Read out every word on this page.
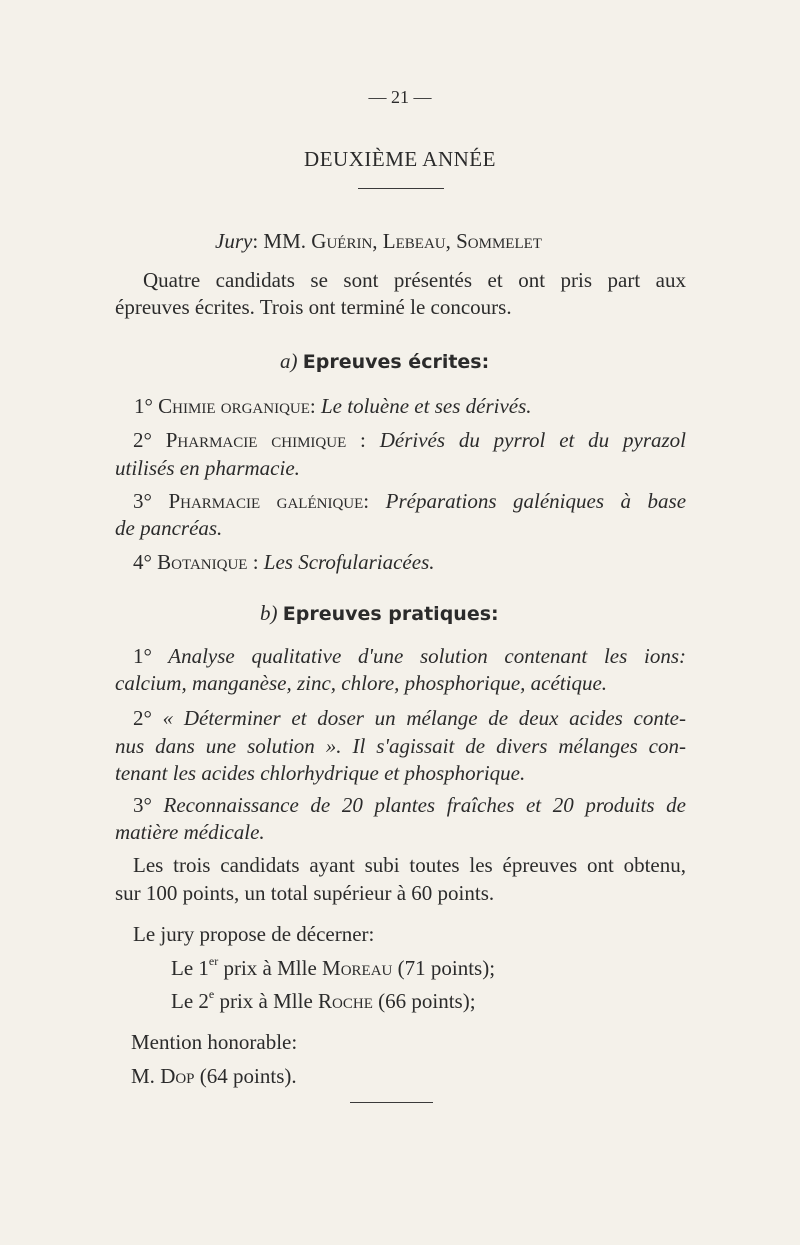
— 21 —
DEUXIÈME ANNÉE
Jury: MM. Guérin, Lebeau, Sommelet
Quatre candidats se sont présentés et ont pris part aux
épreuves écrites. Trois ont terminé le concours.
a) Epreuves écrites:
1° Chimie organique: Le toluène et ses dérivés.
2° Pharmacie chimique : Dérivés du pyrrol et du pyrazol
utilisés en pharmacie.
3° Pharmacie galénique: Préparations galéniques à base
de pancréas.
4° Botanique : Les Scrofulariacées.
b) Epreuves pratiques:
1° Analyse qualitative d'une solution contenant les ions:
calcium, manganèse, zinc, chlore, phosphorique, acétique.
2° « Déterminer et doser un mélange de deux acides conte-
nus dans une solution ». Il s'agissait de divers mélanges con-
tenant les acides chlorhydrique et phosphorique.
3° Reconnaissance de 20 plantes fraîches et 20 produits de
matière médicale.
Les trois candidats ayant subi toutes les épreuves ont obtenu,
sur 100 points, un total supérieur à 60 points.
Le jury propose de décerner:
Le 1er prix à Mlle Moreau (71 points);
Le 2e prix à Mlle Roche (66 points);
Mention honorable:
M. Dop (64 points).
